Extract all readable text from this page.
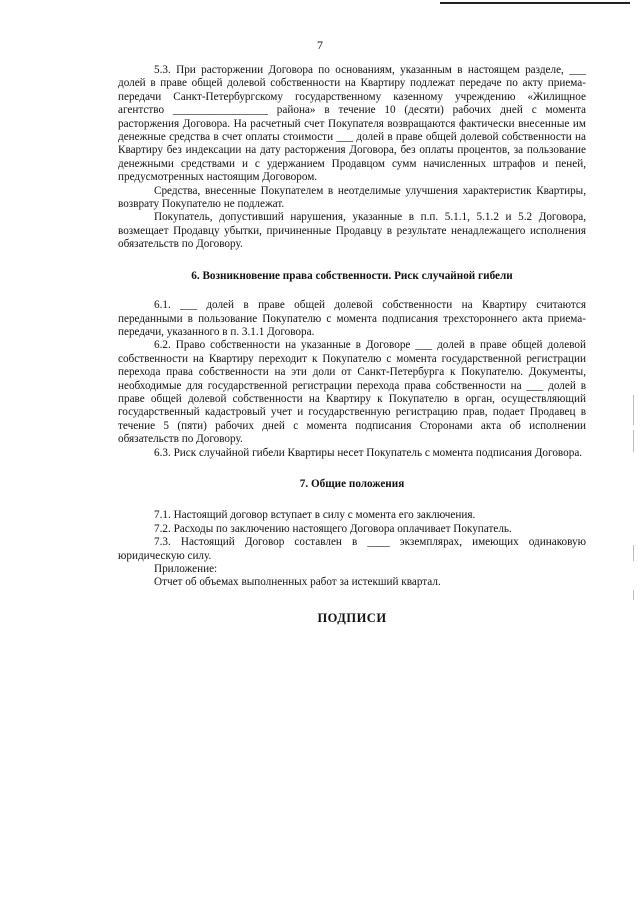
7

5.3. При расторжении Договора по основаниям, указанным в настоящем разделе, ___ долей в праве общей долевой собственности на Квартиру подлежат передаче по акту приема-передачи Санкт-Петербургскому государственному казенному учреждению «Жилищное агентство _________________ района» в течение 10 (десяти) рабочих дней с момента расторжения Договора. На расчетный счет Покупателя возвращаются фактически внесенные им денежные средства в счет оплаты стоимости ___ долей в праве общей долевой собственности на Квартиру без индексации на дату расторжения Договора, без оплаты процентов, за пользование денежными средствами и с удержанием Продавцом сумм начисленных штрафов и пеней, предусмотренных настоящим Договором.

Средства, внесенные Покупателем в неотделимые улучшения характеристик Квартиры, возврату Покупателю не подлежат.

Покупатель, допустивший нарушения, указанные в п.п. 5.1.1, 5.1.2 и 5.2 Договора, возмещает Продавцу убытки, причиненные Продавцу в результате ненадлежащего исполнения обязательств по Договору.

6. Возникновение права собственности. Риск случайной гибели

6.1. ___ долей в праве общей долевой собственности на Квартиру считаются переданными в пользование Покупателю с момента подписания трехстороннего акта приема-передачи, указанного в п. 3.1.1 Договора.

6.2. Право собственности на указанные в Договоре ___ долей в праве общей долевой собственности на Квартиру переходит к Покупателю с момента государственной регистрации перехода права собственности на эти доли от Санкт-Петербурга к Покупателю. Документы, необходимые для государственной регистрации перехода права собственности на ___ долей в праве общей долевой собственности на Квартиру к Покупателю в орган, осуществляющий государственный кадастровый учет и государственную регистрацию прав, подает Продавец в течение 5 (пяти) рабочих дней с момента подписания Сторонами акта об исполнении обязательств по Договору.

6.3. Риск случайной гибели Квартиры несет Покупатель с момента подписания Договора.

7. Общие положения

7.1. Настоящий договор вступает в силу с момента его заключения.

7.2. Расходы по заключению настоящего Договора оплачивает Покупатель.

7.3. Настоящий Договор составлен в ____ экземплярах, имеющих одинаковую юридическую силу.

Приложение:

Отчет об объемах выполненных работ за истекший квартал.

ПОДПИСИ
